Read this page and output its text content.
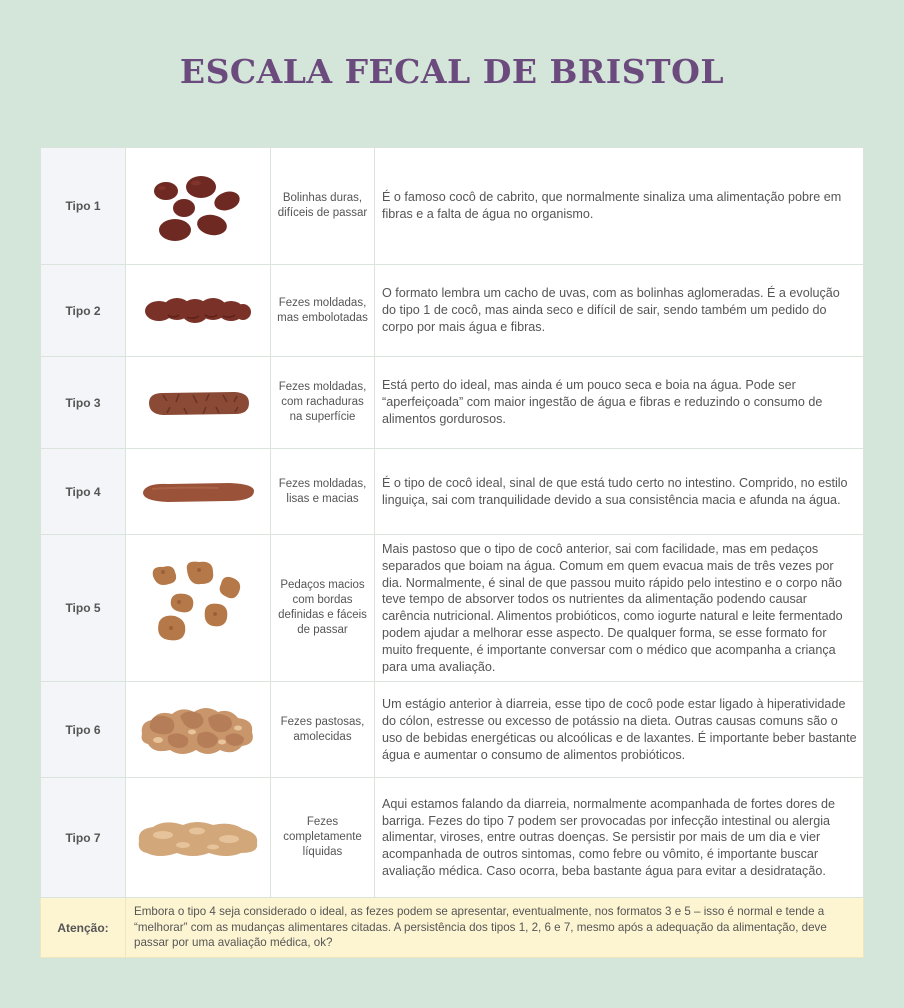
ESCALA FECAL DE BRISTOL
Tipo 1		Bolinhas duras, difíceis de passar	É o famoso cocô de cabrito, que normalmente sinaliza uma alimentação pobre em fibras e a falta de água no organismo.
Tipo 2		Fezes moldadas, mas embolotadas	O formato lembra um cacho de uvas, com as bolinhas aglomeradas. É a evolução do tipo 1 de cocô, mas ainda seco e difícil de sair, sendo também um pedido do corpo por mais água e fibras.
Tipo 3		Fezes moldadas, com rachaduras na superfície	Está perto do ideal, mas ainda é um pouco seca e boia na água. Pode ser “aperfeiçoada” com maior ingestão de água e fibras e reduzindo o consumo de alimentos gordurosos.
Tipo 4		Fezes moldadas, lisas e macias	É o tipo de cocô ideal, sinal de que está tudo certo no intestino. Comprido, no estilo linguiça, sai com tranquilidade devido a sua consistência macia e afunda na água.
Tipo 5		Pedaços macios com bordas definidas e fáceis de passar	Mais pastoso que o tipo de cocô anterior, sai com facilidade, mas em pedaços separados que boiam na água. Comum em quem evacua mais de três vezes por dia. Normalmente, é sinal de que passou muito rápido pelo intestino e o corpo não teve tempo de absorver todos os nutrientes da alimentação podendo causar carência nutricional. Alimentos probióticos, como iogurte natural e leite fermentado podem ajudar a melhorar esse aspecto. De qualquer forma, se esse formato for muito frequente, é importante conversar com o médico que acompanha a criança para uma avaliação.
Tipo 6		Fezes pastosas, amolecidas	Um estágio anterior à diarreia, esse tipo de cocô pode estar ligado à hiperatividade do cólon, estresse ou excesso de potássio na dieta. Outras causas comuns são o uso de bebidas energéticas ou alcoólicas e de laxantes. É importante beber bastante água e aumentar o consumo de alimentos probióticos.
Tipo 7		Fezes completamente líquidas	Aqui estamos falando da diarreia, normalmente acompanhada de fortes dores de barriga. Fezes do tipo 7 podem ser provocadas por infecção intestinal ou alergia alimentar, viroses, entre outras doenças. Se persistir por mais de um dia e vier acompanhada de outros sintomas, como febre ou vômito, é importante buscar avaliação médica. Caso ocorra, beba bastante água para evitar a desidratação.
Atenção:	Embora o tipo 4 seja considerado o ideal, as fezes podem se apresentar, eventualmente, nos formatos 3 e 5 – isso é normal e tende a “melhorar” com as mudanças alimentares citadas. A persistência dos tipos 1, 2, 6 e 7, mesmo após a adequação da alimentação, deve passar por uma avaliação médica, ok?		
